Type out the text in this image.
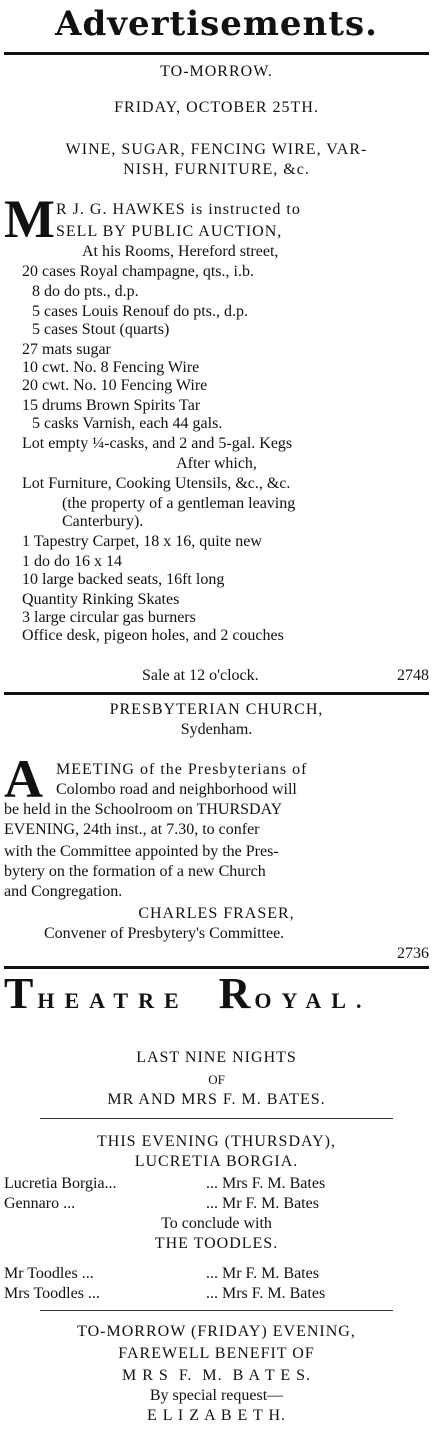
Advertisements.
TO-MORROW.
FRIDAY, OCTOBER 25TH.
WINE, SUGAR, FENCING WIRE, VAR-
NISH, FURNITURE, &c.
M R J. G. HAWKES is instructed to
SELL BY PUBLIC AUCTION,
At his Rooms, Hereford street,
20 cases Royal champagne, qts., i.b.
8 do do pts., d.p.
5 cases Louis Renouf do pts., d.p.
5 cases Stout (quarts)
27 mats sugar
10 cwt. No. 8 Fencing Wire
20 cwt. No. 10 Fencing Wire
15 drums Brown Spirits Tar
5 casks Varnish, each 44 gals.
Lot empty ¼-casks, and 2 and 5-gal. Kegs
After which,
Lot Furniture, Cooking Utensils, &c., &c.
(the property of a gentleman leaving
Canterbury).
1 Tapestry Carpet, 18 x 16, quite new
1 do do 16 x 14
10 large backed seats, 16ft long
Quantity Rinking Skates
3 large circular gas burners
Office desk, pigeon holes, and 2 couches
Sale at 12 o'clock.	2748
PRESBYTERIAN CHURCH,
Sydenham.
A MEETING of the Presbyterians of
Colombo road and neighborhood will
be held in the Schoolroom on THURSDAY
EVENING, 24th inst., at 7.30, to confer
with the Committee appointed by the Pres-
bytery on the formation of a new Church
and Congregation.
CHARLES FRASER,
Convener of Presbytery's Committee.
2736
T HEATRE R OYAL.
LAST NINE NIGHTS
OF
MR AND MRS F. M. BATES.
THIS EVENING (THURSDAY),
LUCRETIA BORGIA.
Lucretia Borgia...	... Mrs F. M. Bates
Gennaro ...	... Mr F. M. Bates
To conclude with
THE TOODLES.
Mr Toodles ...	... Mr F. M. Bates
Mrs Toodles ...	... Mrs F. M. Bates
TO-MORROW (FRIDAY) EVENING,
FAREWELL BENEFIT OF
M R S  F.  M.  B A T E S.
By special request—
E L I Z A B E T H.
